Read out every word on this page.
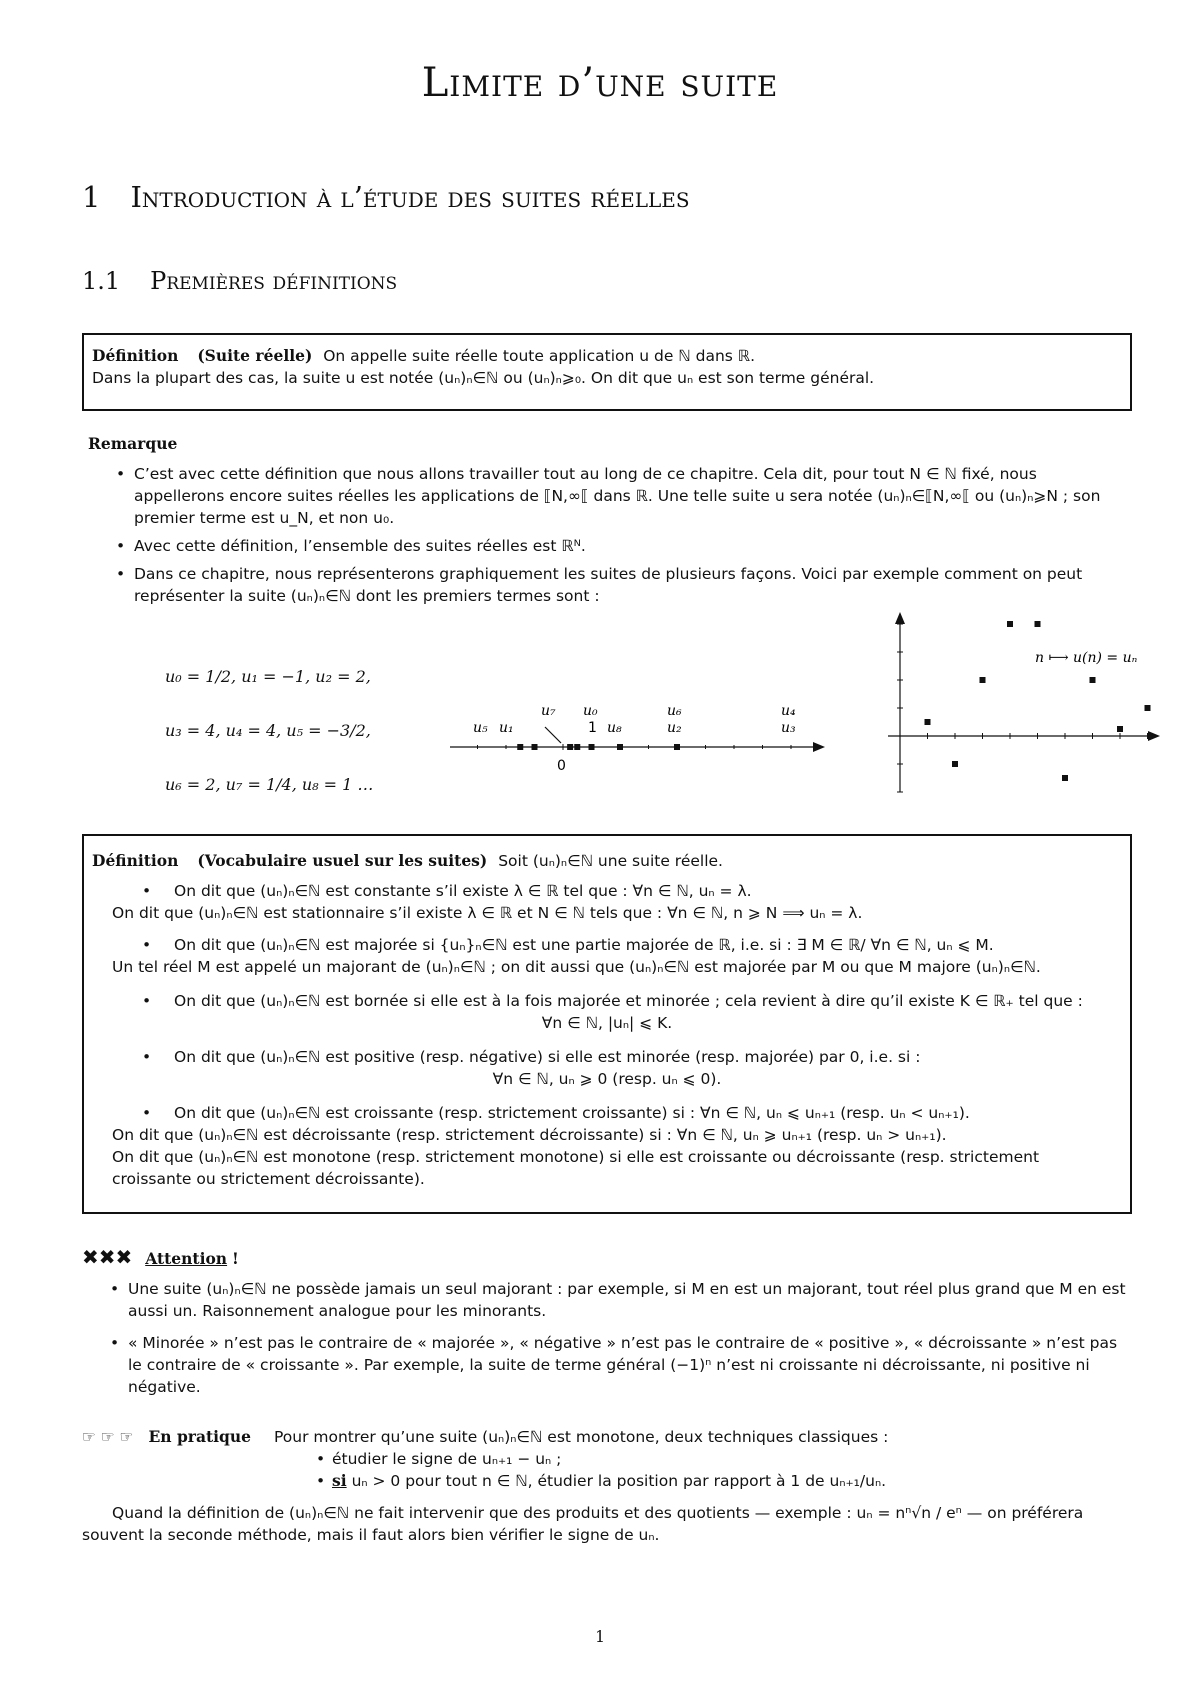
Limite d’une suite
1 Introduction à l’étude des suites réelles
1.1 Premières définitions
Définition (Suite réelle) On appelle suite réelle toute application u de ℕ dans ℝ.
Dans la plupart des cas, la suite u est notée (uₙ)ₙ∈ℕ ou (uₙ)ₙ⩾₀. On dit que uₙ est son terme général.
Remarque
• C’est avec cette définition que nous allons travailler tout au long de ce chapitre. Cela dit, pour tout N ∈ ℕ fixé, nous appellerons encore suites réelles les applications de ⟦N,∞⟦ dans ℝ. Une telle suite u sera notée (uₙ)ₙ∈⟦N,∞⟦ ou (uₙ)ₙ⩾N ; son premier terme est u_N, et non u₀.
• Avec cette définition, l’ensemble des suites réelles est ℝᴺ.
• Dans ce chapitre, nous représenterons graphiquement les suites de plusieurs façons. Voici par exemple comment on peut représenter la suite (uₙ)ₙ∈ℕ dont les premiers termes sont :
u₀ = 1/2, u₁ = −1, u₂ = 2,
u₃ = 4, u₄ = 4, u₅ = −3/2,
u₆ = 2, u₇ = 1/4, u₈ = 1 …
u₅ u₁
u₇ u₀
1 u₈
u₆
u₂
u₄
u₃
0
n ⟼ u(n) = uₙ
Définition (Vocabulaire usuel sur les suites) Soit (uₙ)ₙ∈ℕ une suite réelle.
• On dit que (uₙ)ₙ∈ℕ est constante s’il existe λ ∈ ℝ tel que : ∀n ∈ ℕ, uₙ = λ.
On dit que (uₙ)ₙ∈ℕ est stationnaire s’il existe λ ∈ ℝ et N ∈ ℕ tels que : ∀n ∈ ℕ, n ⩾ N ⟹ uₙ = λ.
• On dit que (uₙ)ₙ∈ℕ est majorée si {uₙ}ₙ∈ℕ est une partie majorée de ℝ, i.e. si : ∃ M ∈ ℝ/ ∀n ∈ ℕ, uₙ ⩽ M.
Un tel réel M est appelé un majorant de (uₙ)ₙ∈ℕ ; on dit aussi que (uₙ)ₙ∈ℕ est majorée par M ou que M majore (uₙ)ₙ∈ℕ.
• On dit que (uₙ)ₙ∈ℕ est bornée si elle est à la fois majorée et minorée ; cela revient à dire qu’il existe K ∈ ℝ₊ tel que :
∀n ∈ ℕ, |uₙ| ⩽ K.
• On dit que (uₙ)ₙ∈ℕ est positive (resp. négative) si elle est minorée (resp. majorée) par 0, i.e. si :
∀n ∈ ℕ, uₙ ⩾ 0 (resp. uₙ ⩽ 0).
• On dit que (uₙ)ₙ∈ℕ est croissante (resp. strictement croissante) si : ∀n ∈ ℕ, uₙ ⩽ uₙ₊₁ (resp. uₙ < uₙ₊₁).
On dit que (uₙ)ₙ∈ℕ est décroissante (resp. strictement décroissante) si : ∀n ∈ ℕ, uₙ ⩾ uₙ₊₁ (resp. uₙ > uₙ₊₁).
On dit que (uₙ)ₙ∈ℕ est monotone (resp. strictement monotone) si elle est croissante ou décroissante (resp. strictement croissante ou strictement décroissante).
✖✖✖ Attention !
• Une suite (uₙ)ₙ∈ℕ ne possède jamais un seul majorant : par exemple, si M en est un majorant, tout réel plus grand que M en est aussi un. Raisonnement analogue pour les minorants.
• « Minorée » n’est pas le contraire de « majorée », « négative » n’est pas le contraire de « positive », « décroissante » n’est pas le contraire de « croissante ». Par exemple, la suite de terme général (−1)ⁿ n’est ni croissante ni décroissante, ni positive ni négative.
☞ ☞ ☞ En pratique Pour montrer qu’une suite (uₙ)ₙ∈ℕ est monotone, deux techniques classiques :
• étudier le signe de uₙ₊₁ − uₙ ;
• si uₙ > 0 pour tout n ∈ ℕ, étudier la position par rapport à 1 de uₙ₊₁/uₙ.
Quand la définition de (uₙ)ₙ∈ℕ ne fait intervenir que des produits et des quotients — exemple : uₙ = nⁿ√n / eⁿ — on préférera souvent la seconde méthode, mais il faut alors bien vérifier le signe de uₙ.
1
